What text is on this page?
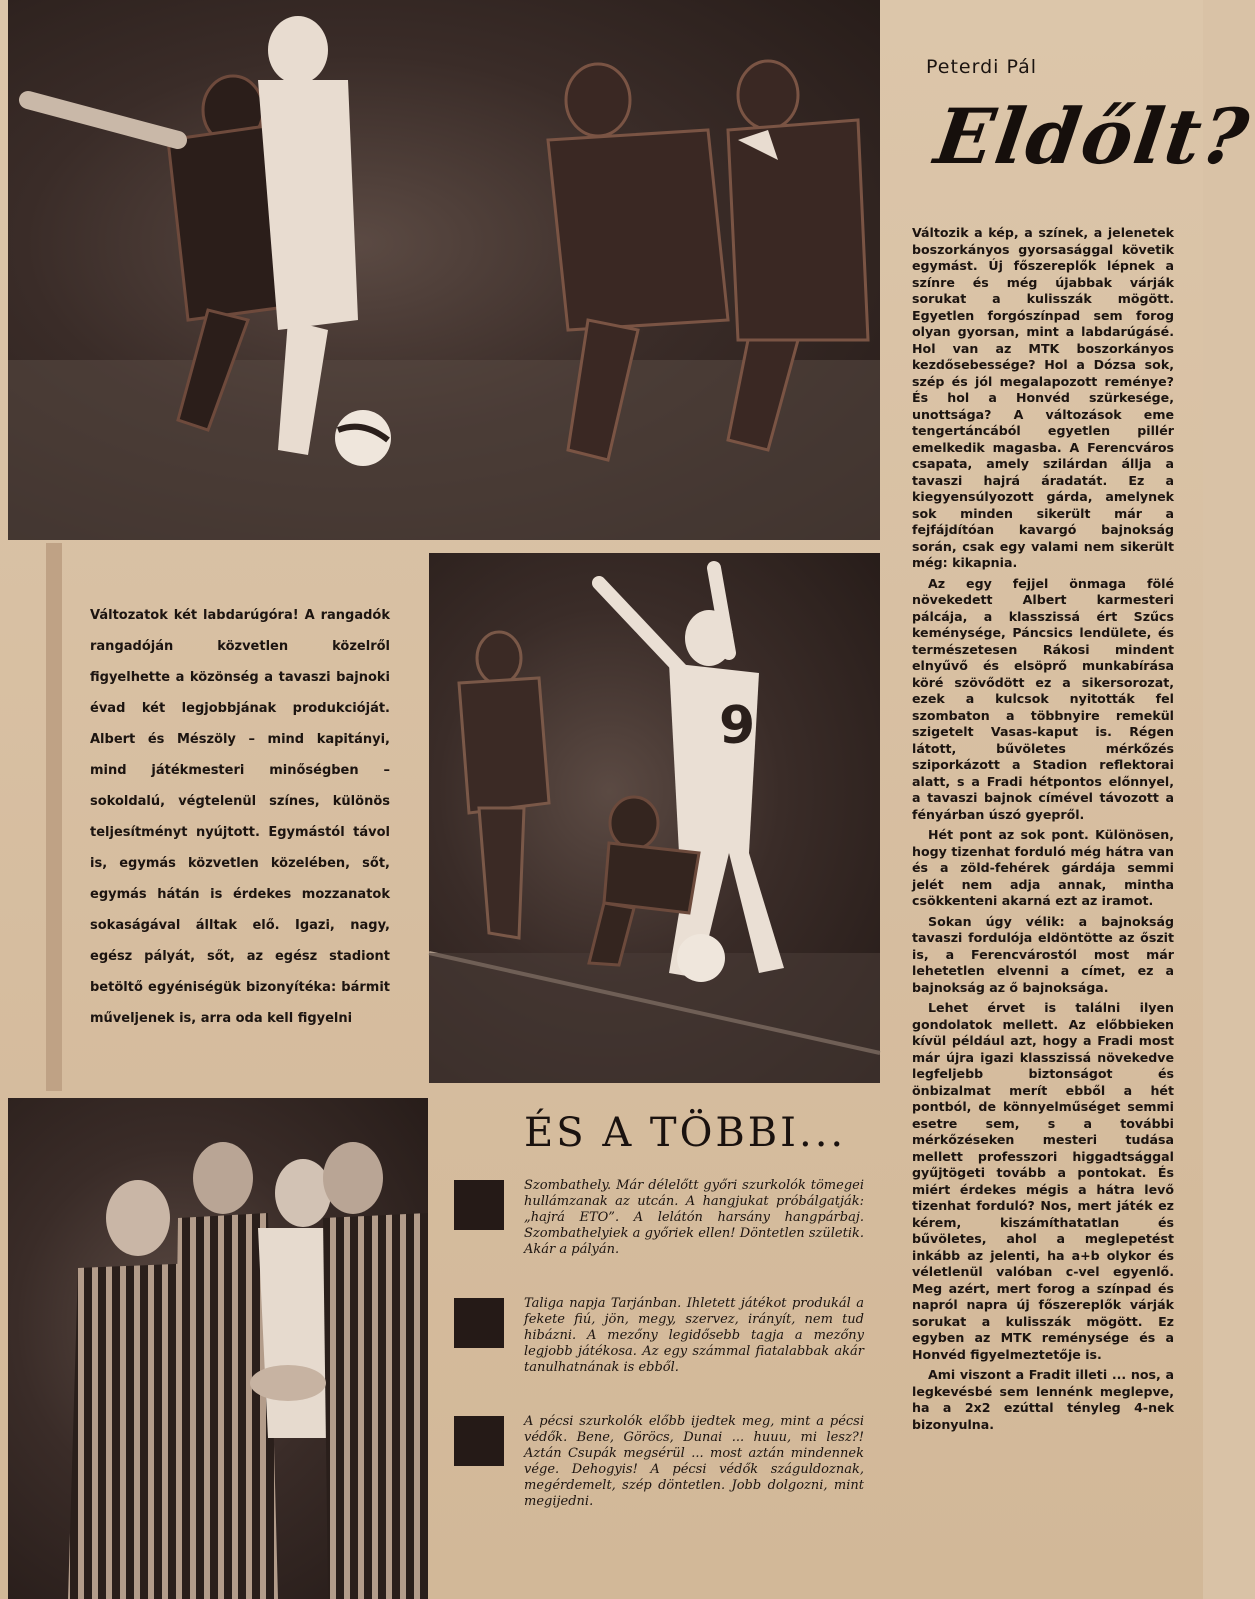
Peterdi Pál
Eldőlt?

Változik a kép, a színek, a jelenetek boszorkányos gyorsasággal követik egymást. Új főszereplők lépnek a színre és még újabbak várják sorukat a kulisszák mögött. Egyetlen forgószínpad sem forog olyan gyorsan, mint a labdarúgásé. Hol van az MTK boszorkányos kezdősebessége? Hol a Dózsa sok, szép és jól megalapozott reménye? És hol a Honvéd szürkesége, unottsága? A változások eme tengertáncából egyetlen pillér emelkedik magasba. A Ferencváros csapata, amely szilárdan állja a tavaszi hajrá áradatát. Ez a kiegyensúlyozott gárda, amelynek sok minden sikerült már a fejfájdítóan kavargó bajnokság során, csak egy valami nem sikerült még: kikapnia.

Az egy fejjel önmaga fölé növekedett Albert karmesteri pálcája, a klasszissá ért Szűcs keménysége, Páncsics lendülete, és természetesen Rákosi mindent elnyűvő és elsöprő munkabírása köré szövődött ez a sikersorozat, ezek a kulcsok nyitották fel szombaton a többnyire remekül szigetelt Vasas-kaput is. Régen látott, bűvöletes mérkőzés sziporkázott a Stadion reflektorai alatt, s a Fradi hétpontos előnnyel, a tavaszi bajnok címével távozott a fényárban úszó gyepről.

Hét pont az sok pont. Különösen, hogy tizenhat forduló még hátra van és a zöld-fehérek gárdája semmi jelét nem adja annak, mintha csökkenteni akarná ezt az iramot.

Sokan úgy vélik: a bajnokság tavaszi fordulója eldöntötte az őszit is, a Ferencvárostól most már lehetetlen elvenni a címet, ez a bajnokság az ő bajnoksága.

Lehet érvet is találni ilyen gondolatok mellett. Az előbbieken kívül például azt, hogy a Fradi most már újra igazi klasszissá növekedve legfeljebb biztonságot és önbizalmat merít ebből a hét pontból, de könnyelműséget semmi esetre sem, s a további mérkőzéseken mesteri tudása mellett professzori higgadtsággal gyűjtögeti tovább a pontokat. És miért érdekes mégis a hátra levő tizenhat forduló? Nos, mert játék ez kérem, kiszámíthatatlan és bűvöletes, ahol a meglepetést inkább az jelenti, ha a+b olykor és véletlenül valóban c-vel egyenlő. Meg azért, mert forog a színpad és napról napra új főszereplők várják sorukat a kulisszák mögött. Ez egyben az MTK reménysége és a Honvéd figyelmeztetője is.

Ami viszont a Fradit illeti ... nos, a legkevésbé sem lennénk meglepve, ha a 2x2 ezúttal tényleg 4-nek bizonyulna.

Változatok két labdarúgóra! A rangadók rangadóján közvetlen közelről figyelhette a közönség a tavaszi bajnoki évad két legjobbjának produkcióját. Albert és Mészöly – mind kapitányi, mind játékmesteri minőségben – sokoldalú, végtelenül színes, különös teljesítményt nyújtott. Egymástól távol is, egymás közvetlen közelében, sőt, egymás hátán is érdekes mozzanatok sokaságával álltak elő. Igazi, nagy, egész pályát, sőt, az egész stadiont betöltő egyéniségük bizonyítéka: bármit műveljenek is, arra oda kell figyelni
9
ÉS A TÖBBI...
Szombathely. Már délelőtt győri szurkolók tömegei hullámzanak az utcán. A hangjukat próbálgatják: „hajrá ETO”. A lelátón harsány hangpárbaj. Szombathelyiek a győriek ellen! Döntetlen születik. Akár a pályán.
Taliga napja Tarjánban. Ihletett játékot produkál a fekete fiú, jön, megy, szervez, irányít, nem tud hibázni. A mezőny legidősebb tagja a mezőny legjobb játékosa. Az egy számmal fiatalabbak akár tanulhatnának is ebből.
A pécsi szurkolók előbb ijedtek meg, mint a pécsi védők. Bene, Göröcs, Dunai ... huuu, mi lesz?! Aztán Csupák megsérül ... most aztán mindennek vége. Dehogyis! A pécsi védők száguldoznak, megérdemelt, szép döntetlen. Jobb dolgozni, mint megijedni.
